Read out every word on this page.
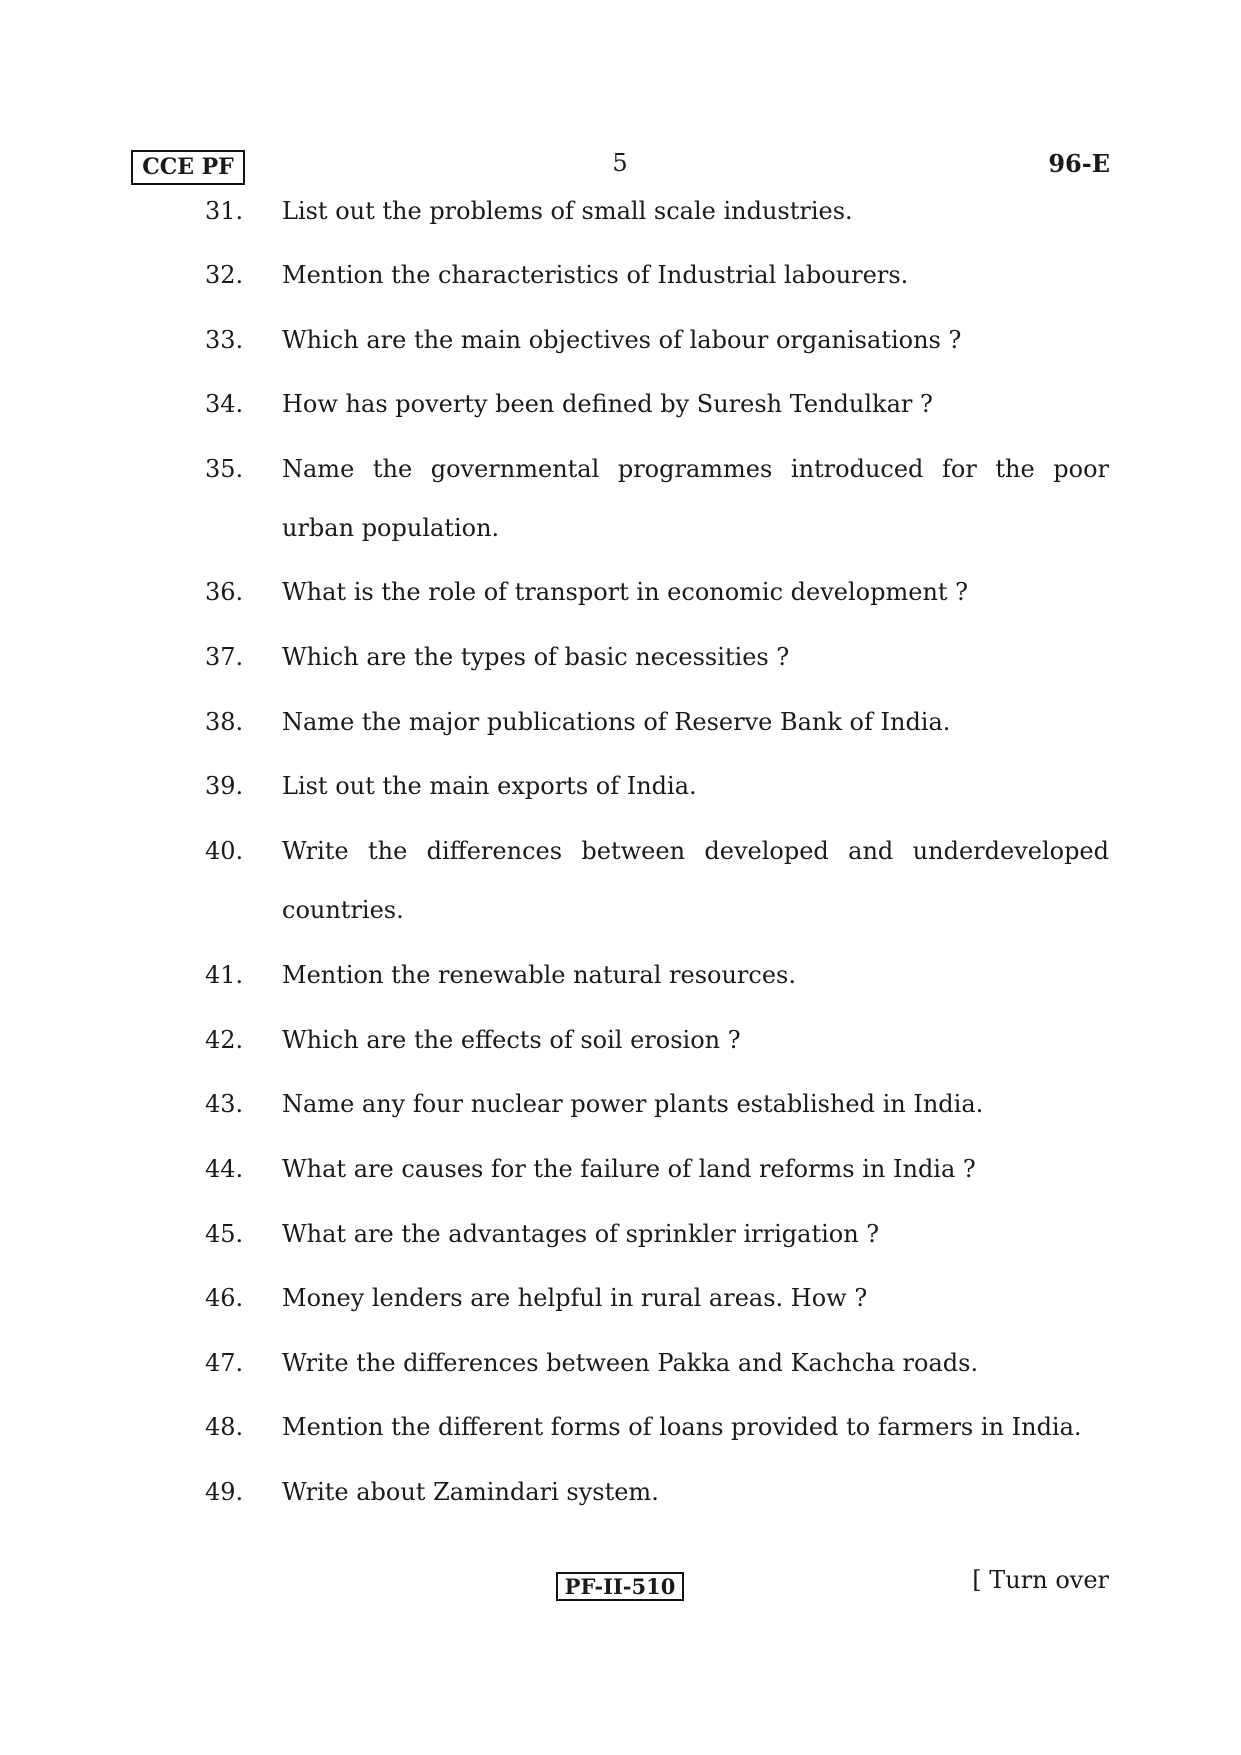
CCE PF	5	96-E
31.	List out the problems of small scale industries.
32.	Mention the characteristics of Industrial labourers.
33.	Which are the main objectives of labour organisations ?
34.	How has poverty been defined by Suresh Tendulkar ?
35.	Name the governmental programmes introduced for the poor urban population.
36.	What is the role of transport in economic development ?
37.	Which are the types of basic necessities ?
38.	Name the major publications of Reserve Bank of India.
39.	List out the main exports of India.
40.	Write the differences between developed and underdeveloped countries.
41.	Mention the renewable natural resources.
42.	Which are the effects of soil erosion ?
43.	Name any four nuclear power plants established in India.
44.	What are causes for the failure of land reforms in India ?
45.	What are the advantages of sprinkler irrigation ?
46.	Money lenders are helpful in rural areas. How ?
47.	Write the differences between Pakka and Kachcha roads.
48.	Mention the different forms of loans provided to farmers in India.
49.	Write about Zamindari system.
PF-II-510	[ Turn over
